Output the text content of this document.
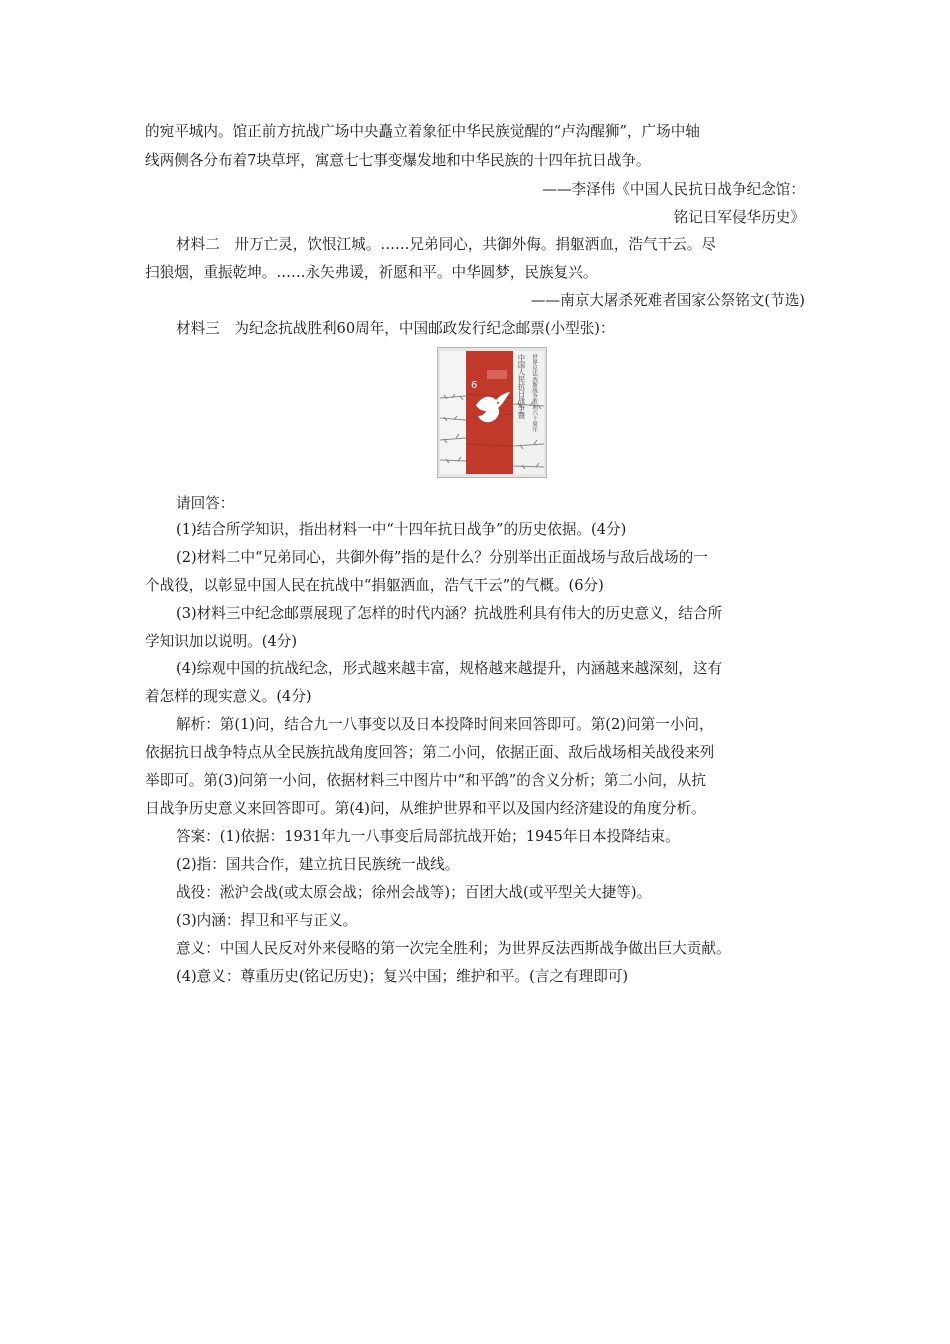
的宛平城内。馆正前方抗战广场中央矗立着象征中华民族觉醒的“卢沟醒狮”，广场中轴

线两侧各分布着7块草坪，寓意七七事变爆发地和中华民族的十四年抗日战争。

——李泽伟《中国人民抗日战争纪念馆：

铭记日军侵华历史》

材料二　卅万亡灵，饮恨江城。……兄弟同心，共御外侮。捐躯洒血，浩气干云。尽

扫狼烟，重振乾坤。……永矢弗谖，祈愿和平。中华圆梦，民族复兴。

——南京大屠杀死难者国家公祭铭文(节选)

材料三　为纪念抗战胜利60周年，中国邮政发行纪念邮票(小型张)：

6	中国人民抗日战争暨 世界反法西斯战争胜利六十周年

请回答：

(1)结合所学知识，指出材料一中“十四年抗日战争”的历史依据。(4分)

(2)材料二中“兄弟同心，共御外侮”指的是什么？分别举出正面战场与敌后战场的一

个战役，以彰显中国人民在抗战中“捐躯洒血，浩气干云”的气概。(6分)

(3)材料三中纪念邮票展现了怎样的时代内涵？抗战胜利具有伟大的历史意义，结合所

学知识加以说明。(4分)

(4)综观中国的抗战纪念，形式越来越丰富，规格越来越提升，内涵越来越深刻，这有

着怎样的现实意义。(4分)

解析：第(1)问，结合九一八事变以及日本投降时间来回答即可。第(2)问第一小问，

依据抗日战争特点从全民族抗战角度回答；第二小问，依据正面、敌后战场相关战役来列

举即可。第(3)问第一小问，依据材料三中图片中“和平鸽”的含义分析；第二小问，从抗

日战争历史意义来回答即可。第(4)问，从维护世界和平以及国内经济建设的角度分析。

答案：(1)依据：1931年九一八事变后局部抗战开始；1945年日本投降结束。

(2)指：国共合作，建立抗日民族统一战线。

战役：淞沪会战(或太原会战；徐州会战等)；百团大战(或平型关大捷等)。

(3)内涵：捍卫和平与正义。

意义：中国人民反对外来侵略的第一次完全胜利；为世界反法西斯战争做出巨大贡献。

(4)意义：尊重历史(铭记历史)；复兴中国；维护和平。(言之有理即可)
